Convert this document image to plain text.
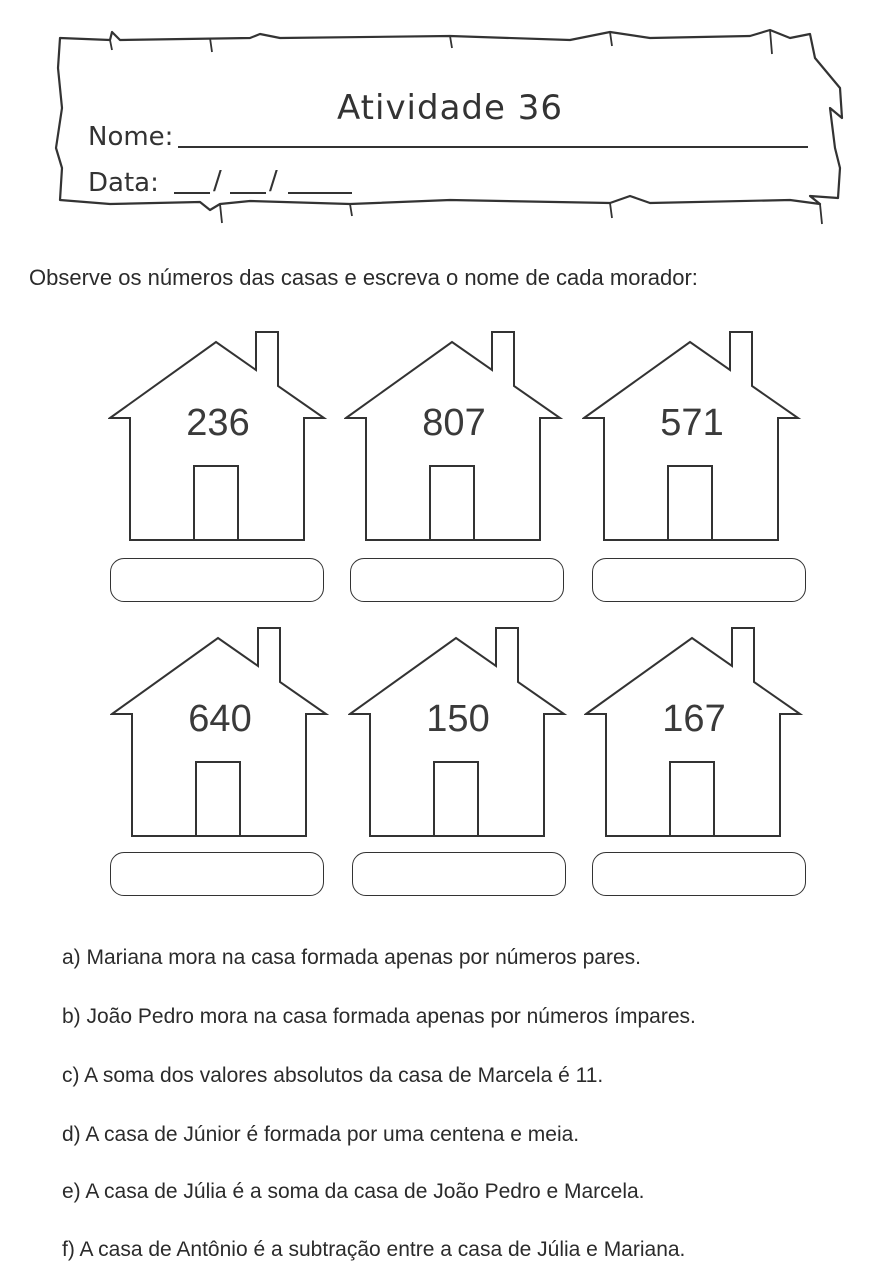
Atividade 36
Nome:
Data: / /
Observe os números das casas e escreva o nome de cada morador:
236	807	571
640	150	167
a) Mariana mora na casa formada apenas por números pares.
b) João Pedro mora na casa formada apenas por números ímpares.
c) A soma dos valores absolutos da casa de Marcela é 11.
d) A casa de Júnior é formada por uma centena e meia.
e) A casa de Júlia é a soma da casa de João Pedro e Marcela.
f) A casa de Antônio é a subtração entre a casa de Júlia e Mariana.
